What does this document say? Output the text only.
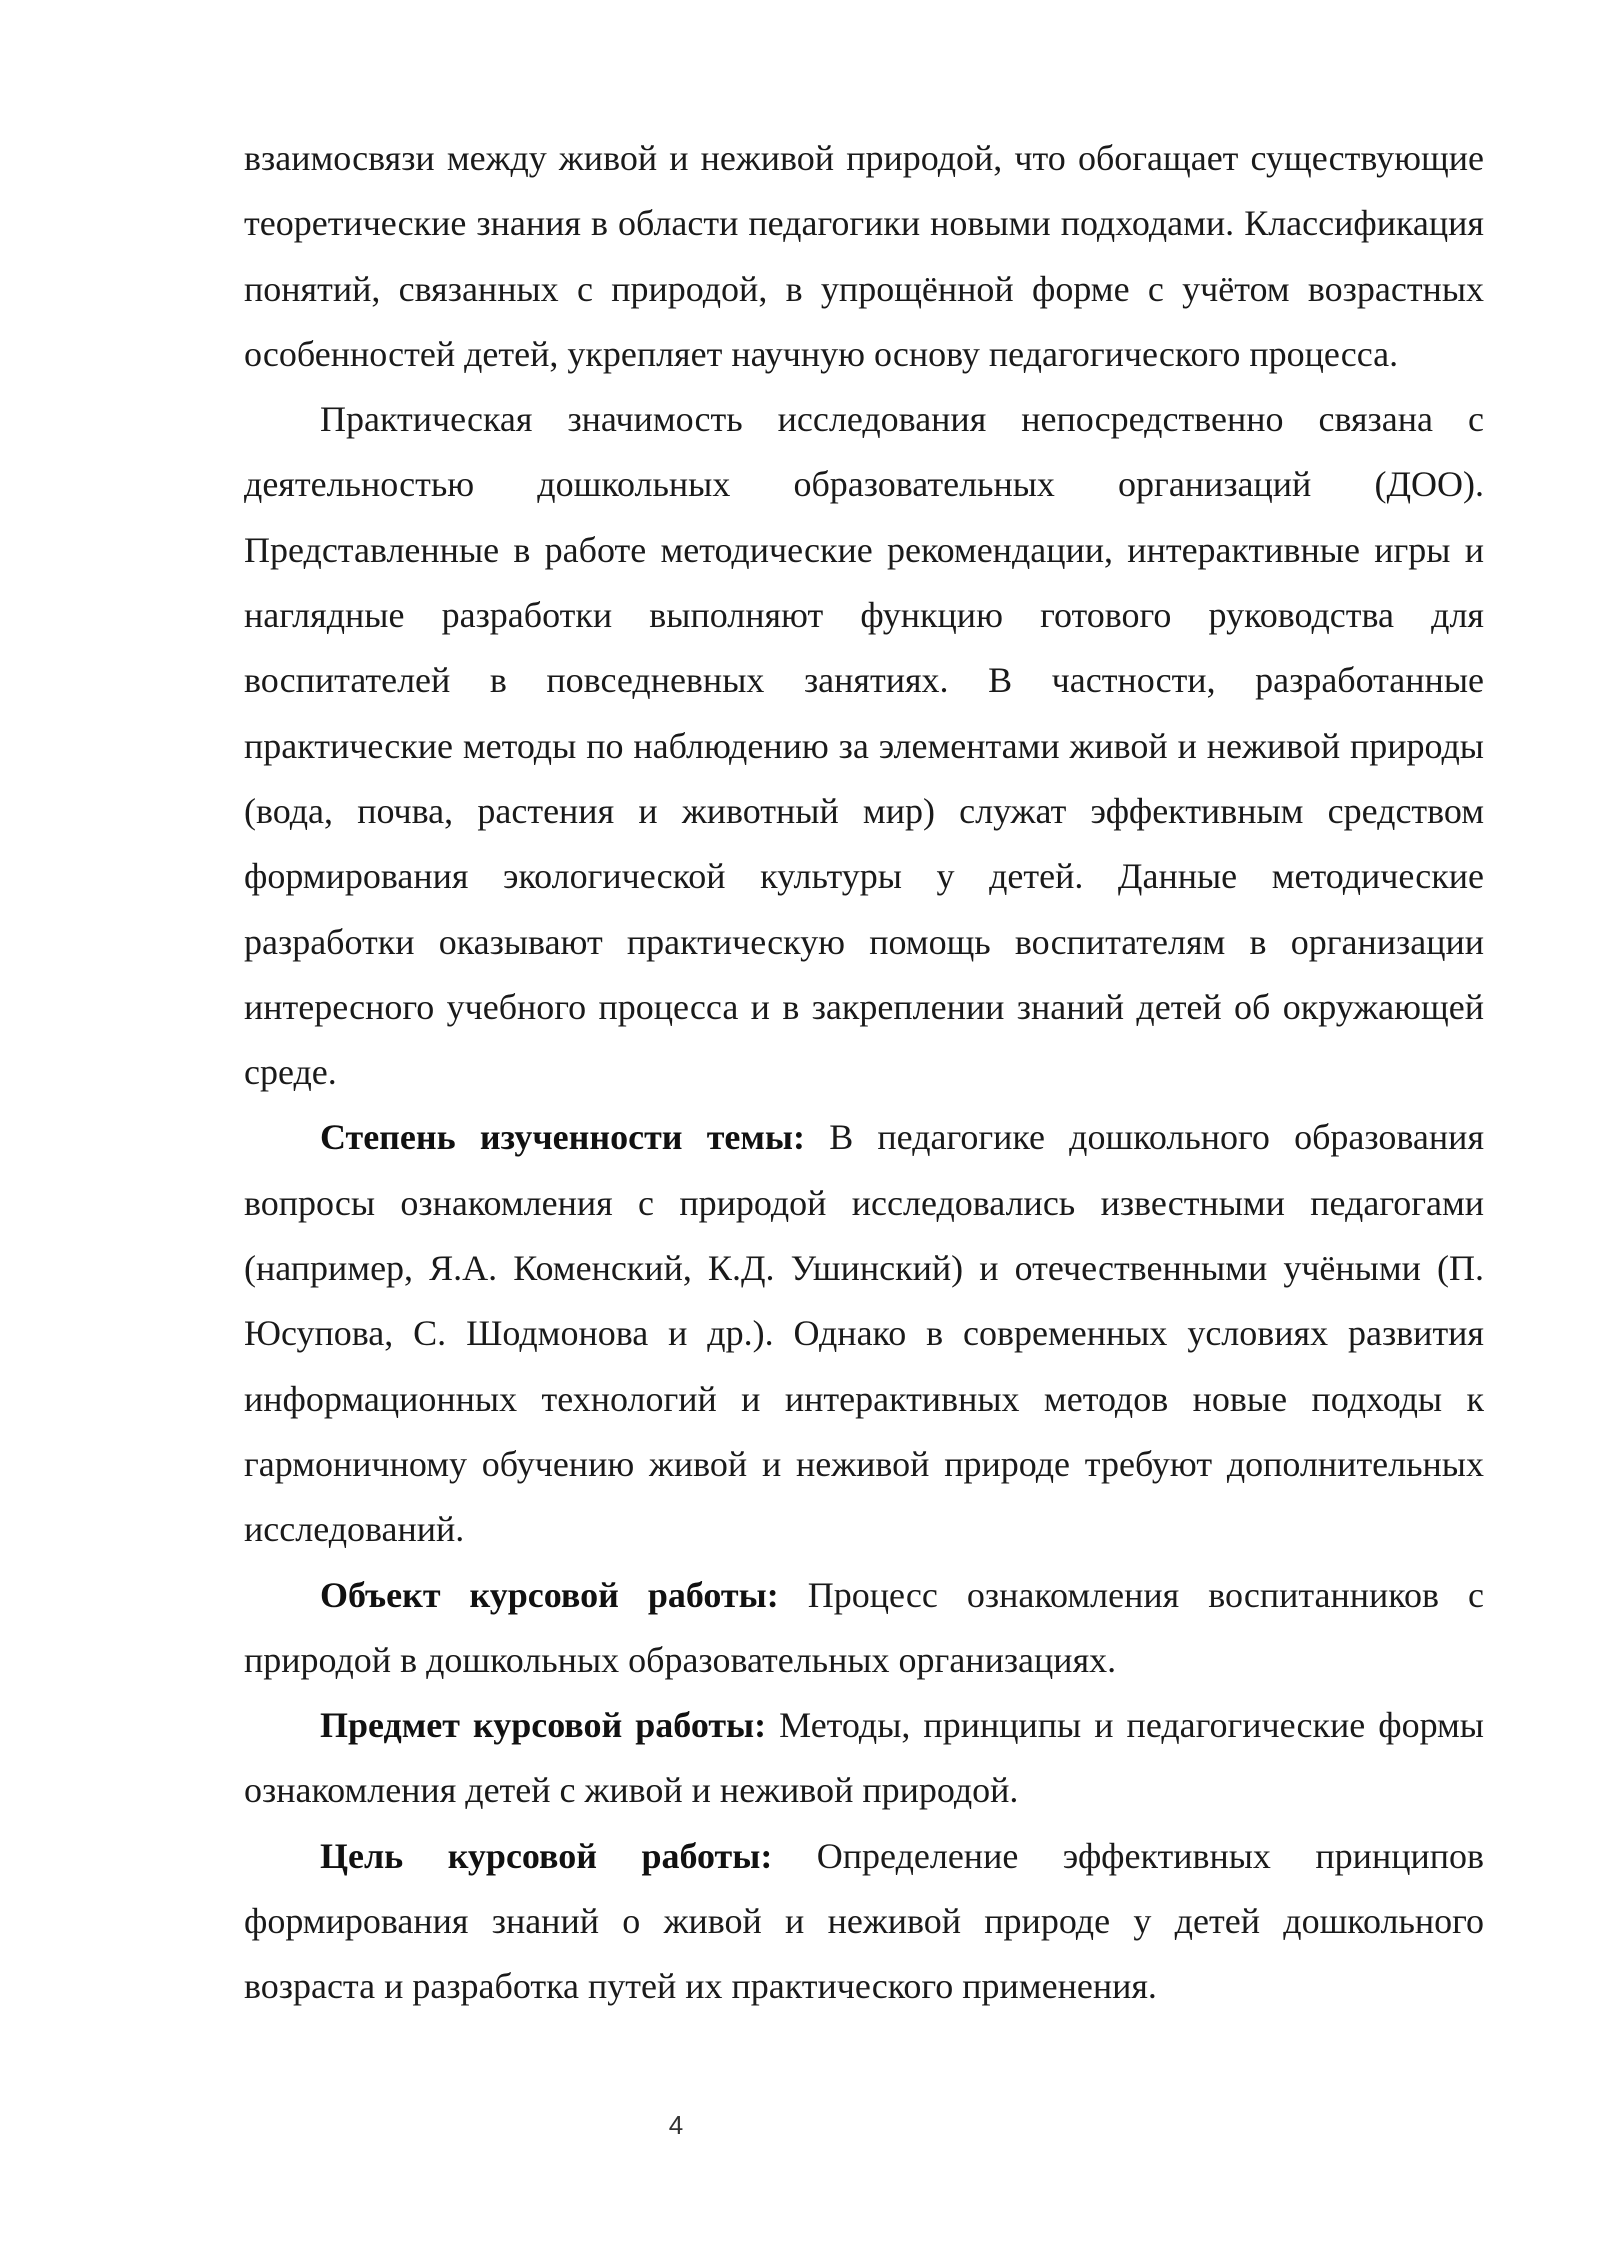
взаимосвязи между живой и неживой природой, что обогащает существующие теоретические знания в области педагогики новыми подходами. Классификация понятий, связанных с природой, в упрощённой форме с учётом возрастных особенностей детей, укрепляет научную основу педагогического процесса.

Практическая значимость исследования непосредственно связана с деятельностью дошкольных образовательных организаций (ДОО). Представленные в работе методические рекомендации, интерактивные игры и наглядные разработки выполняют функцию готового руководства для воспитателей в повседневных занятиях. В частности, разработанные практические методы по наблюдению за элементами живой и неживой природы (вода, почва, растения и животный мир) служат эффективным средством формирования экологической культуры у детей. Данные методические разработки оказывают практическую помощь воспитателям в организации интересного учебного процесса и в закреплении знаний детей об окружающей среде.

Степень изученности темы: В педагогике дошкольного образования вопросы ознакомления с природой исследовались известными педагогами (например, Я.А. Коменский, К.Д. Ушинский) и отечественными учёными (П. Юсупова, С. Шодмонова и др.). Однако в современных условиях развития информационных технологий и интерактивных методов новые подходы к гармоничному обучению живой и неживой природе требуют дополнительных исследований.

Объект курсовой работы: Процесс ознакомления воспитанников с природой в дошкольных образовательных организациях.

Предмет курсовой работы: Методы, принципы и педагогические формы ознакомления детей с живой и неживой природой.

Цель курсовой работы: Определение эффективных принципов формирования знаний о живой и неживой природе у детей дошкольного возраста и разработка путей их практического применения.

4
